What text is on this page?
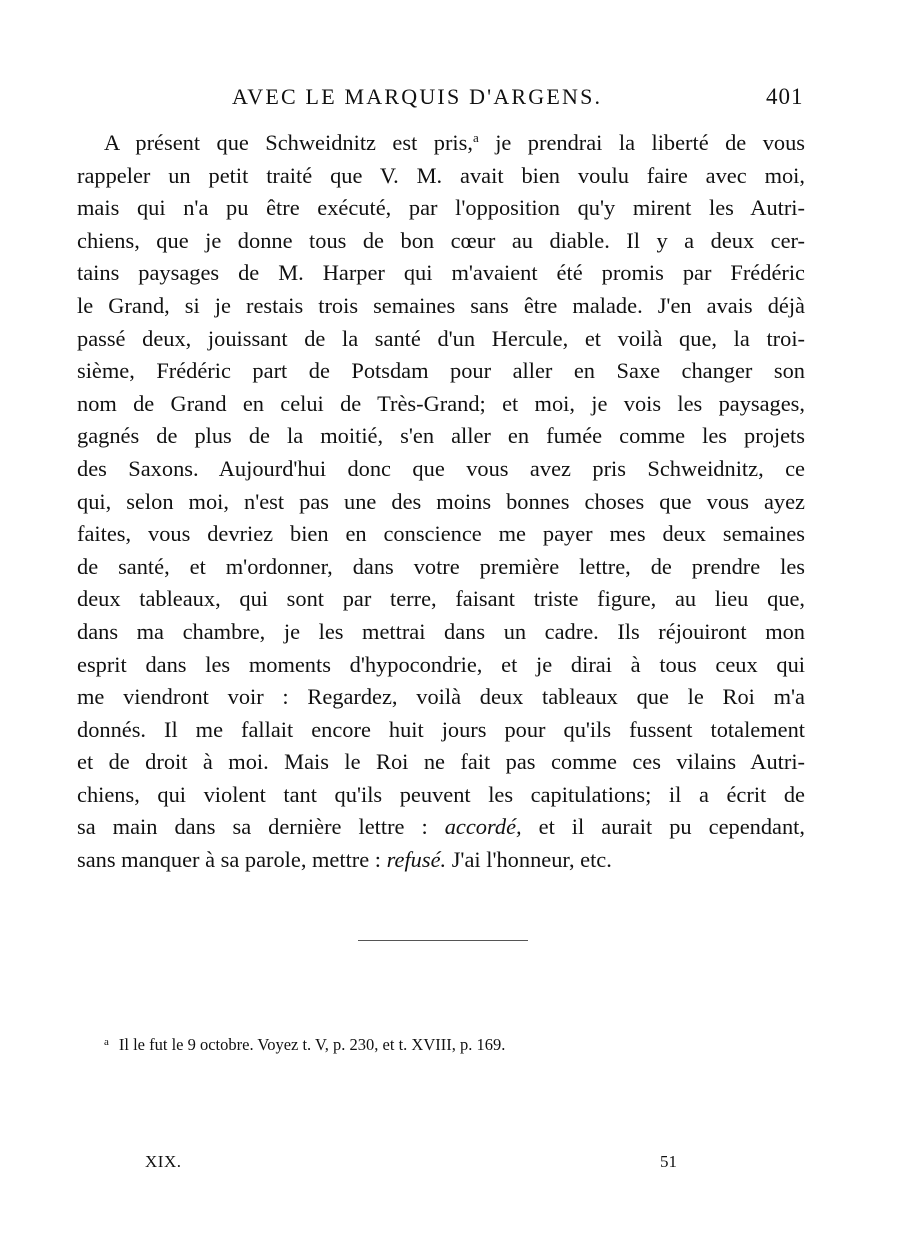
AVEC LE MARQUIS D'ARGENS.	401
A présent que Schweidnitz est pris,$^a$ je prendrai la liberté de vous
rappeler un petit traité que V. M. avait bien voulu faire avec moi,
mais qui n'a pu être exécuté, par l'opposition qu'y mirent les Autri-
chiens, que je donne tous de bon cœur au diable. Il y a deux cer-
tains paysages de M. Harper qui m'avaient été promis par Frédéric
le Grand, si je restais trois semaines sans être malade. J'en avais déjà
passé deux, jouissant de la santé d'un Hercule, et voilà que, la troi-
sième, Frédéric part de Potsdam pour aller en Saxe changer son
nom de Grand en celui de Très-Grand; et moi, je vois les paysages,
gagnés de plus de la moitié, s'en aller en fumée comme les projets
des Saxons. Aujourd'hui donc que vous avez pris Schweidnitz, ce
qui, selon moi, n'est pas une des moins bonnes choses que vous ayez
faites, vous devriez bien en conscience me payer mes deux semaines
de santé, et m'ordonner, dans votre première lettre, de prendre les
deux tableaux, qui sont par terre, faisant triste figure, au lieu que,
dans ma chambre, je les mettrai dans un cadre. Ils réjouiront mon
esprit dans les moments d'hypocondrie, et je dirai à tous ceux qui
me viendront voir : Regardez, voilà deux tableaux que le Roi m'a
donnés. Il me fallait encore huit jours pour qu'ils fussent totalement
et de droit à moi. Mais le Roi ne fait pas comme ces vilains Autri-
chiens, qui violent tant qu'ils peuvent les capitulations; il a écrit de
sa main dans sa dernière lettre : accordé, et il aurait pu cependant,
sans manquer à sa parole, mettre : refusé. J'ai l'honneur, etc.
$^a$ Il le fut le 9 octobre. Voyez t. V, p. 230, et t. XVIII, p. 169.
XIX.	51
